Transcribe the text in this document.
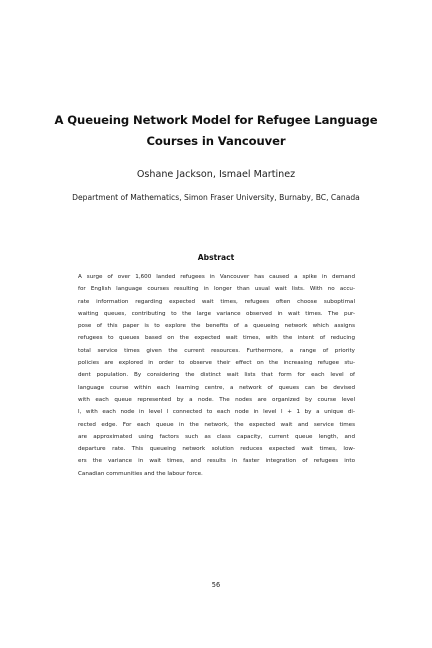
A Queueing Network Model for Refugee Language
Courses in Vancouver
Oshane Jackson, Ismael Martinez
Department of Mathematics, Simon Fraser University, Burnaby, BC, Canada
Abstract
A surge of over 1,600 landed refugees in Vancouver has caused a spike in demand
for English language courses resulting in longer than usual wait lists. With no accu-
rate information regarding expected wait times, refugees often choose suboptimal
waiting queues, contributing to the large variance observed in wait times. The pur-
pose of this paper is to explore the benefits of a queueing network which assigns
refugees to queues based on the expected wait times, with the intent of reducing
total service times given the current resources. Furthermore, a range of priority
policies are explored in order to observe their effect on the increasing refugee stu-
dent population. By considering the distinct wait lists that form for each level of
language course within each learning centre, a network of queues can be devised
with each queue represented by a node. The nodes are organized by course level
l, with each node in level l connected to each node in level l + 1 by a unique di-
rected edge. For each queue in the network, the expected wait and service times
are approximated using factors such as class capacity, current queue length, and
departure rate. This queueing network solution reduces expected wait times, low-
ers the variance in wait times, and results in faster integration of refugees into
Canadian communities and the labour force.
56
